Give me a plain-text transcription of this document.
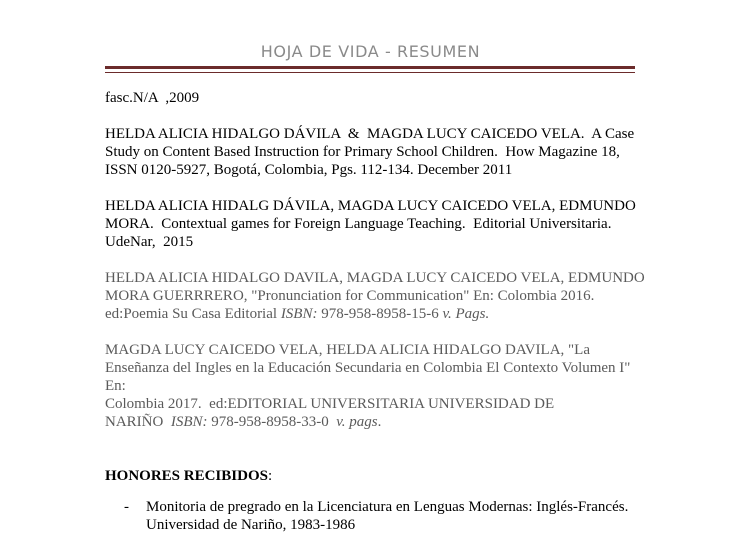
HOJA DE VIDA - RESUMEN

fasc.N/A  ,2009

HELDA ALICIA HIDALGO DÁVILA  &  MAGDA LUCY CAICEDO VELA.  A Case
Study on Content Based Instruction for Primary School Children.  How Magazine 18,
ISSN 0120-5927, Bogotá, Colombia, Pgs. 112-134. December 2011

HELDA ALICIA HIDALG DÁVILA, MAGDA LUCY CAICEDO VELA, EDMUNDO
MORA.  Contextual games for Foreign Language Teaching.  Editorial Universitaria.
UdeNar,  2015

HELDA ALICIA HIDALGO DAVILA, MAGDA LUCY CAICEDO VELA, EDMUNDO
MORA GUERRRERO, "Pronunciation for Communication" En: Colombia 2016.
ed:Poemia Su Casa Editorial ISBN: 978-958-8958-15-6 v. Pags.

MAGDA LUCY CAICEDO VELA, HELDA ALICIA HIDALGO DAVILA, "La
Enseñanza del Ingles en la Educación Secundaria en Colombia El Contexto Volumen I" En:
Colombia 2017.  ed:EDITORIAL UNIVERSITARIA UNIVERSIDAD DE
NARIÑO  ISBN: 978-958-8958-33-0  v. pags.

HONORES RECIBIDOS:
- Monitoria de pregrado en la Licenciatura en Lenguas Modernas: Inglés-Francés.
Universidad de Nariño, 1983-1986
